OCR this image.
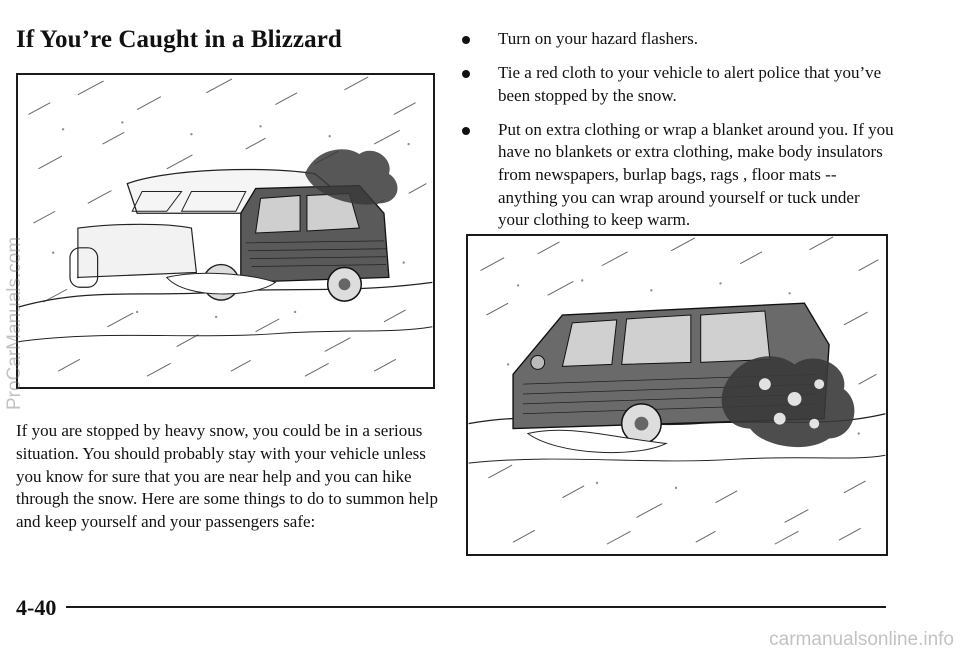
If You’re Caught in a Blizzard

If you are stopped by heavy snow, you could be in a serious situation. You should probably stay with your vehicle unless you know for sure that you are near help and you can hike through the snow. Here are some things to do to summon help and keep yourself and your passengers safe:

Turn on your hazard flashers.
Tie a red cloth to your vehicle to alert police that you’ve been stopped by the snow.
Put on extra clothing or wrap a blanket around you. If you have no blankets or extra clothing, make body insulators from newspapers, burlap bags, rags , floor mats -- anything you can wrap around yourself or tuck under your clothing to keep warm.
4-40
ProCarManuals.com
carmanualsonline.info
